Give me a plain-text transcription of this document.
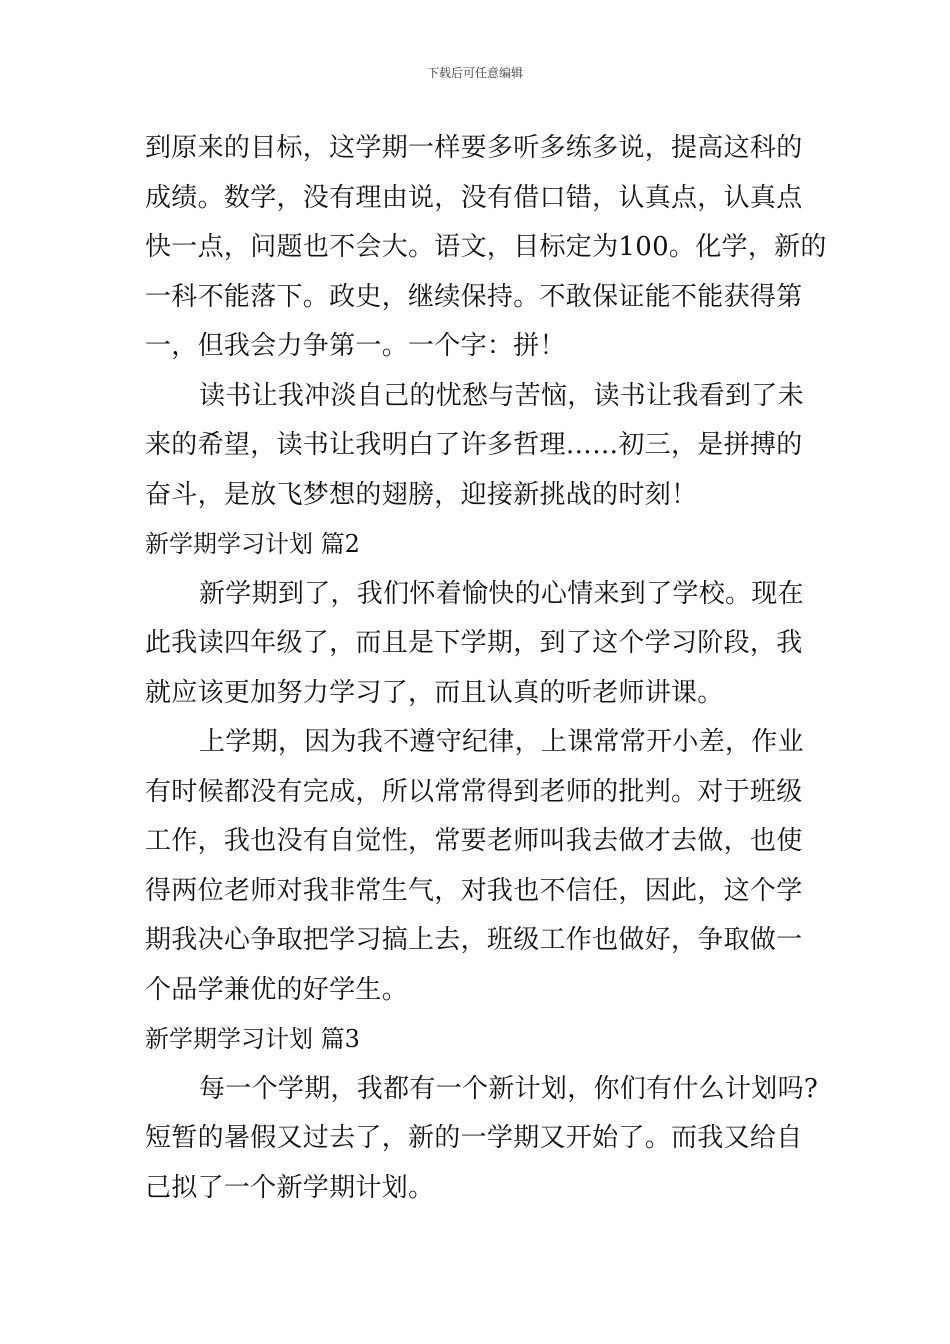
下载后可任意编辑
到原来的目标，这学期一样要多听多练多说，提高这科的
成绩。数学，没有理由说，没有借口错，认真点，认真点
快一点，问题也不会大。语文，目标定为100。化学，新的
一科不能落下。政史，继续保持。不敢保证能不能获得第
一，但我会力争第一。一个字：拼！
读书让我冲淡自己的忧愁与苦恼，读书让我看到了未
来的希望，读书让我明白了许多哲理……初三，是拼搏的
奋斗，是放飞梦想的翅膀，迎接新挑战的时刻！
新学期学习计划 篇2
新学期到了，我们怀着愉快的心情来到了学校。现在
此我读四年级了，而且是下学期，到了这个学习阶段，我
就应该更加努力学习了，而且认真的听老师讲课。
上学期，因为我不遵守纪律，上课常常开小差，作业
有时候都没有完成，所以常常得到老师的批判。对于班级
工作，我也没有自觉性，常要老师叫我去做才去做，也使
得两位老师对我非常生气，对我也不信任，因此，这个学
期我决心争取把学习搞上去，班级工作也做好，争取做一
个品学兼优的好学生。
新学期学习计划 篇3
每一个学期，我都有一个新计划，你们有什么计划吗?
短暂的暑假又过去了，新的一学期又开始了。而我又给自
己拟了一个新学期计划。
